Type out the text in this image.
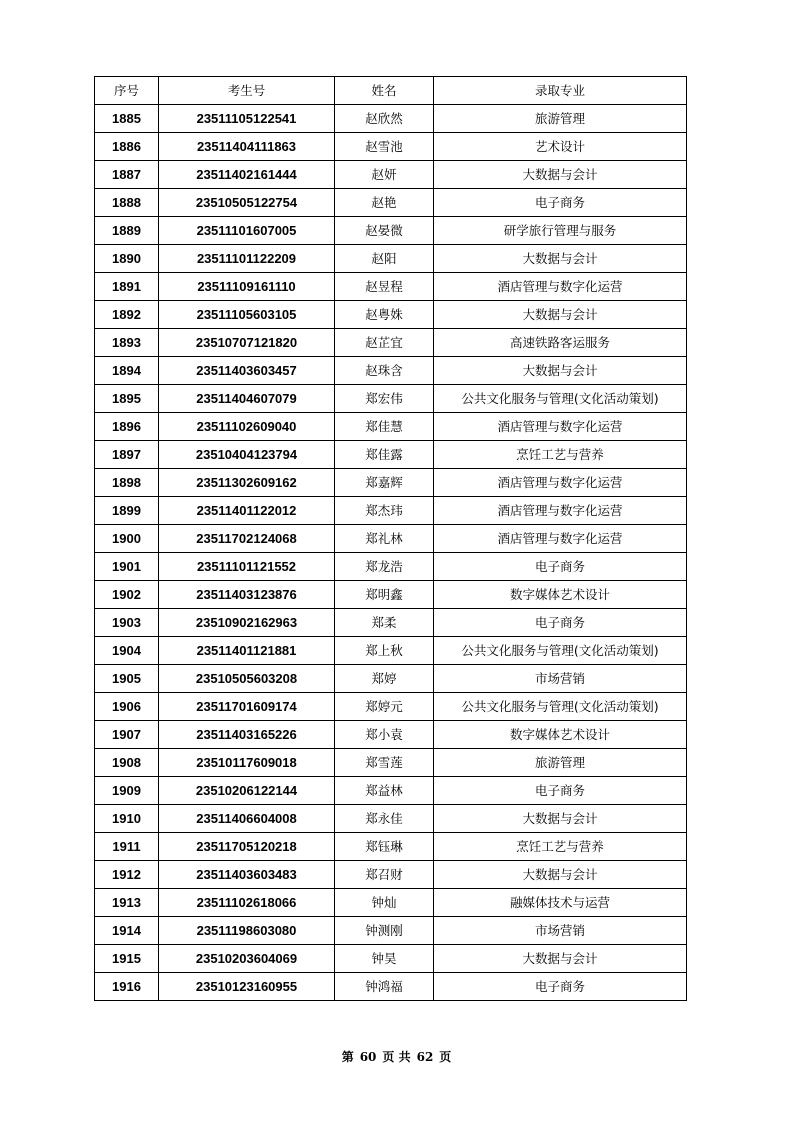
序号	考生号	姓名	录取专业
1885	23511105122541	赵欣然	旅游管理
1886	23511404111863	赵雪池	艺术设计
1887	23511402161444	赵妍	大数据与会计
1888	23510505122754	赵艳	电子商务
1889	23511101607005	赵晏微	研学旅行管理与服务
1890	23511101122209	赵阳	大数据与会计
1891	23511109161110	赵昱程	酒店管理与数字化运营
1892	23511105603105	赵粤姝	大数据与会计
1893	23510707121820	赵芷宜	高速铁路客运服务
1894	23511403603457	赵珠含	大数据与会计
1895	23511404607079	郑宏伟	公共文化服务与管理(文化活动策划)
1896	23511102609040	郑佳慧	酒店管理与数字化运营
1897	23510404123794	郑佳露	烹饪工艺与营养
1898	23511302609162	郑嘉辉	酒店管理与数字化运营
1899	23511401122012	郑杰玮	酒店管理与数字化运营
1900	23511702124068	郑礼林	酒店管理与数字化运营
1901	23511101121552	郑龙浩	电子商务
1902	23511403123876	郑明鑫	数字媒体艺术设计
1903	23510902162963	郑柔	电子商务
1904	23511401121881	郑上秋	公共文化服务与管理(文化活动策划)
1905	23510505603208	郑婷	市场营销
1906	23511701609174	郑婷元	公共文化服务与管理(文化活动策划)
1907	23511403165226	郑小袁	数字媒体艺术设计
1908	23510117609018	郑雪莲	旅游管理
1909	23510206122144	郑益林	电子商务
1910	23511406604008	郑永佳	大数据与会计
1911	23511705120218	郑钰琳	烹饪工艺与营养
1912	23511403603483	郑召财	大数据与会计
1913	23511102618066	钟灿	融媒体技术与运营
1914	23511198603080	钟测刚	市场营销
1915	23510203604069	钟昊	大数据与会计
1916	23510123160955	钟鸿福	电子商务
第 60 页 共 62 页
